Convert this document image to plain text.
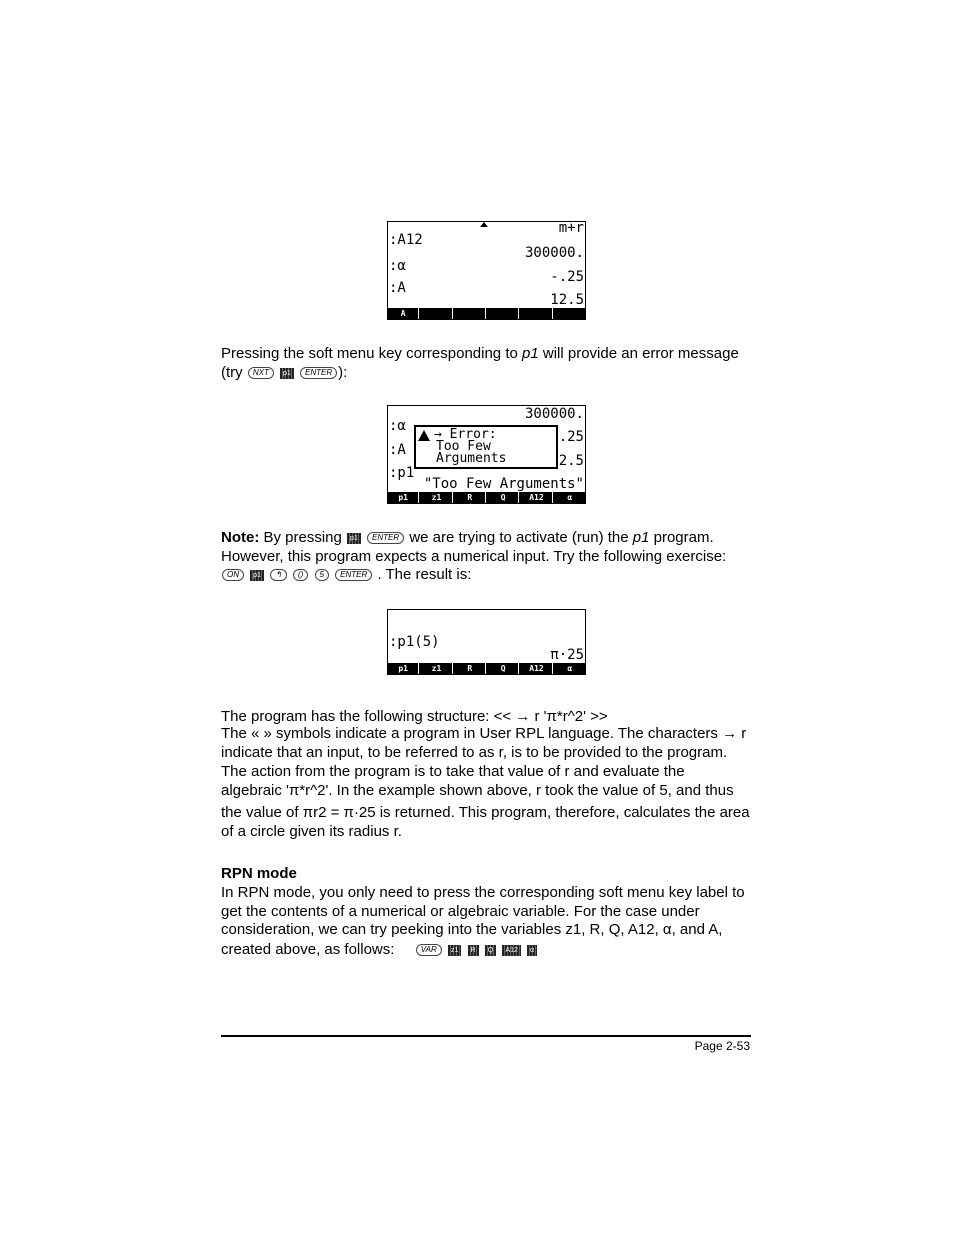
m+r
:A12
300000.
:α
-.25
:A
12.5
A
Pressing the soft menu key corresponding to p1 will provide an error message
(try NXT p1 ENTER ):
300000.
:α
.25
:A
2.5
:p1
"Too Few Arguments"
→ Error:
Too Few
Arguments
p1	z1	R	Q	A12	α
Note: By pressing p1 ENTER we are trying to activate (run) the p1 program.
However, this program expects a numerical input. Try the following exercise:
ON p1 ↰ () 5 ENTER . The result is:
:p1(5)
π·25
p1	z1	R	Q	A12	α
The program has the following structure: << → r 'π*r^2' >>
The « » symbols indicate a program in User RPL language. The characters → r
indicate that an input, to be referred to as r, is to be provided to the program.
The action from the program is to take that value of r and evaluate the
algebraic 'π*r^2'. In the example shown above, r took the value of 5, and thus
the value of πr2 = π·25 is returned. This program, therefore, calculates the area
of a circle given its radius r.
RPN mode
In RPN mode, you only need to press the corresponding soft menu key label to
get the contents of a numerical or algebraic variable. For the case under
consideration, we can try peeking into the variables z1, R, Q, A12, α, and A,
created above, as follows:	VAR z1 R Q A12 α
Page 2-53
